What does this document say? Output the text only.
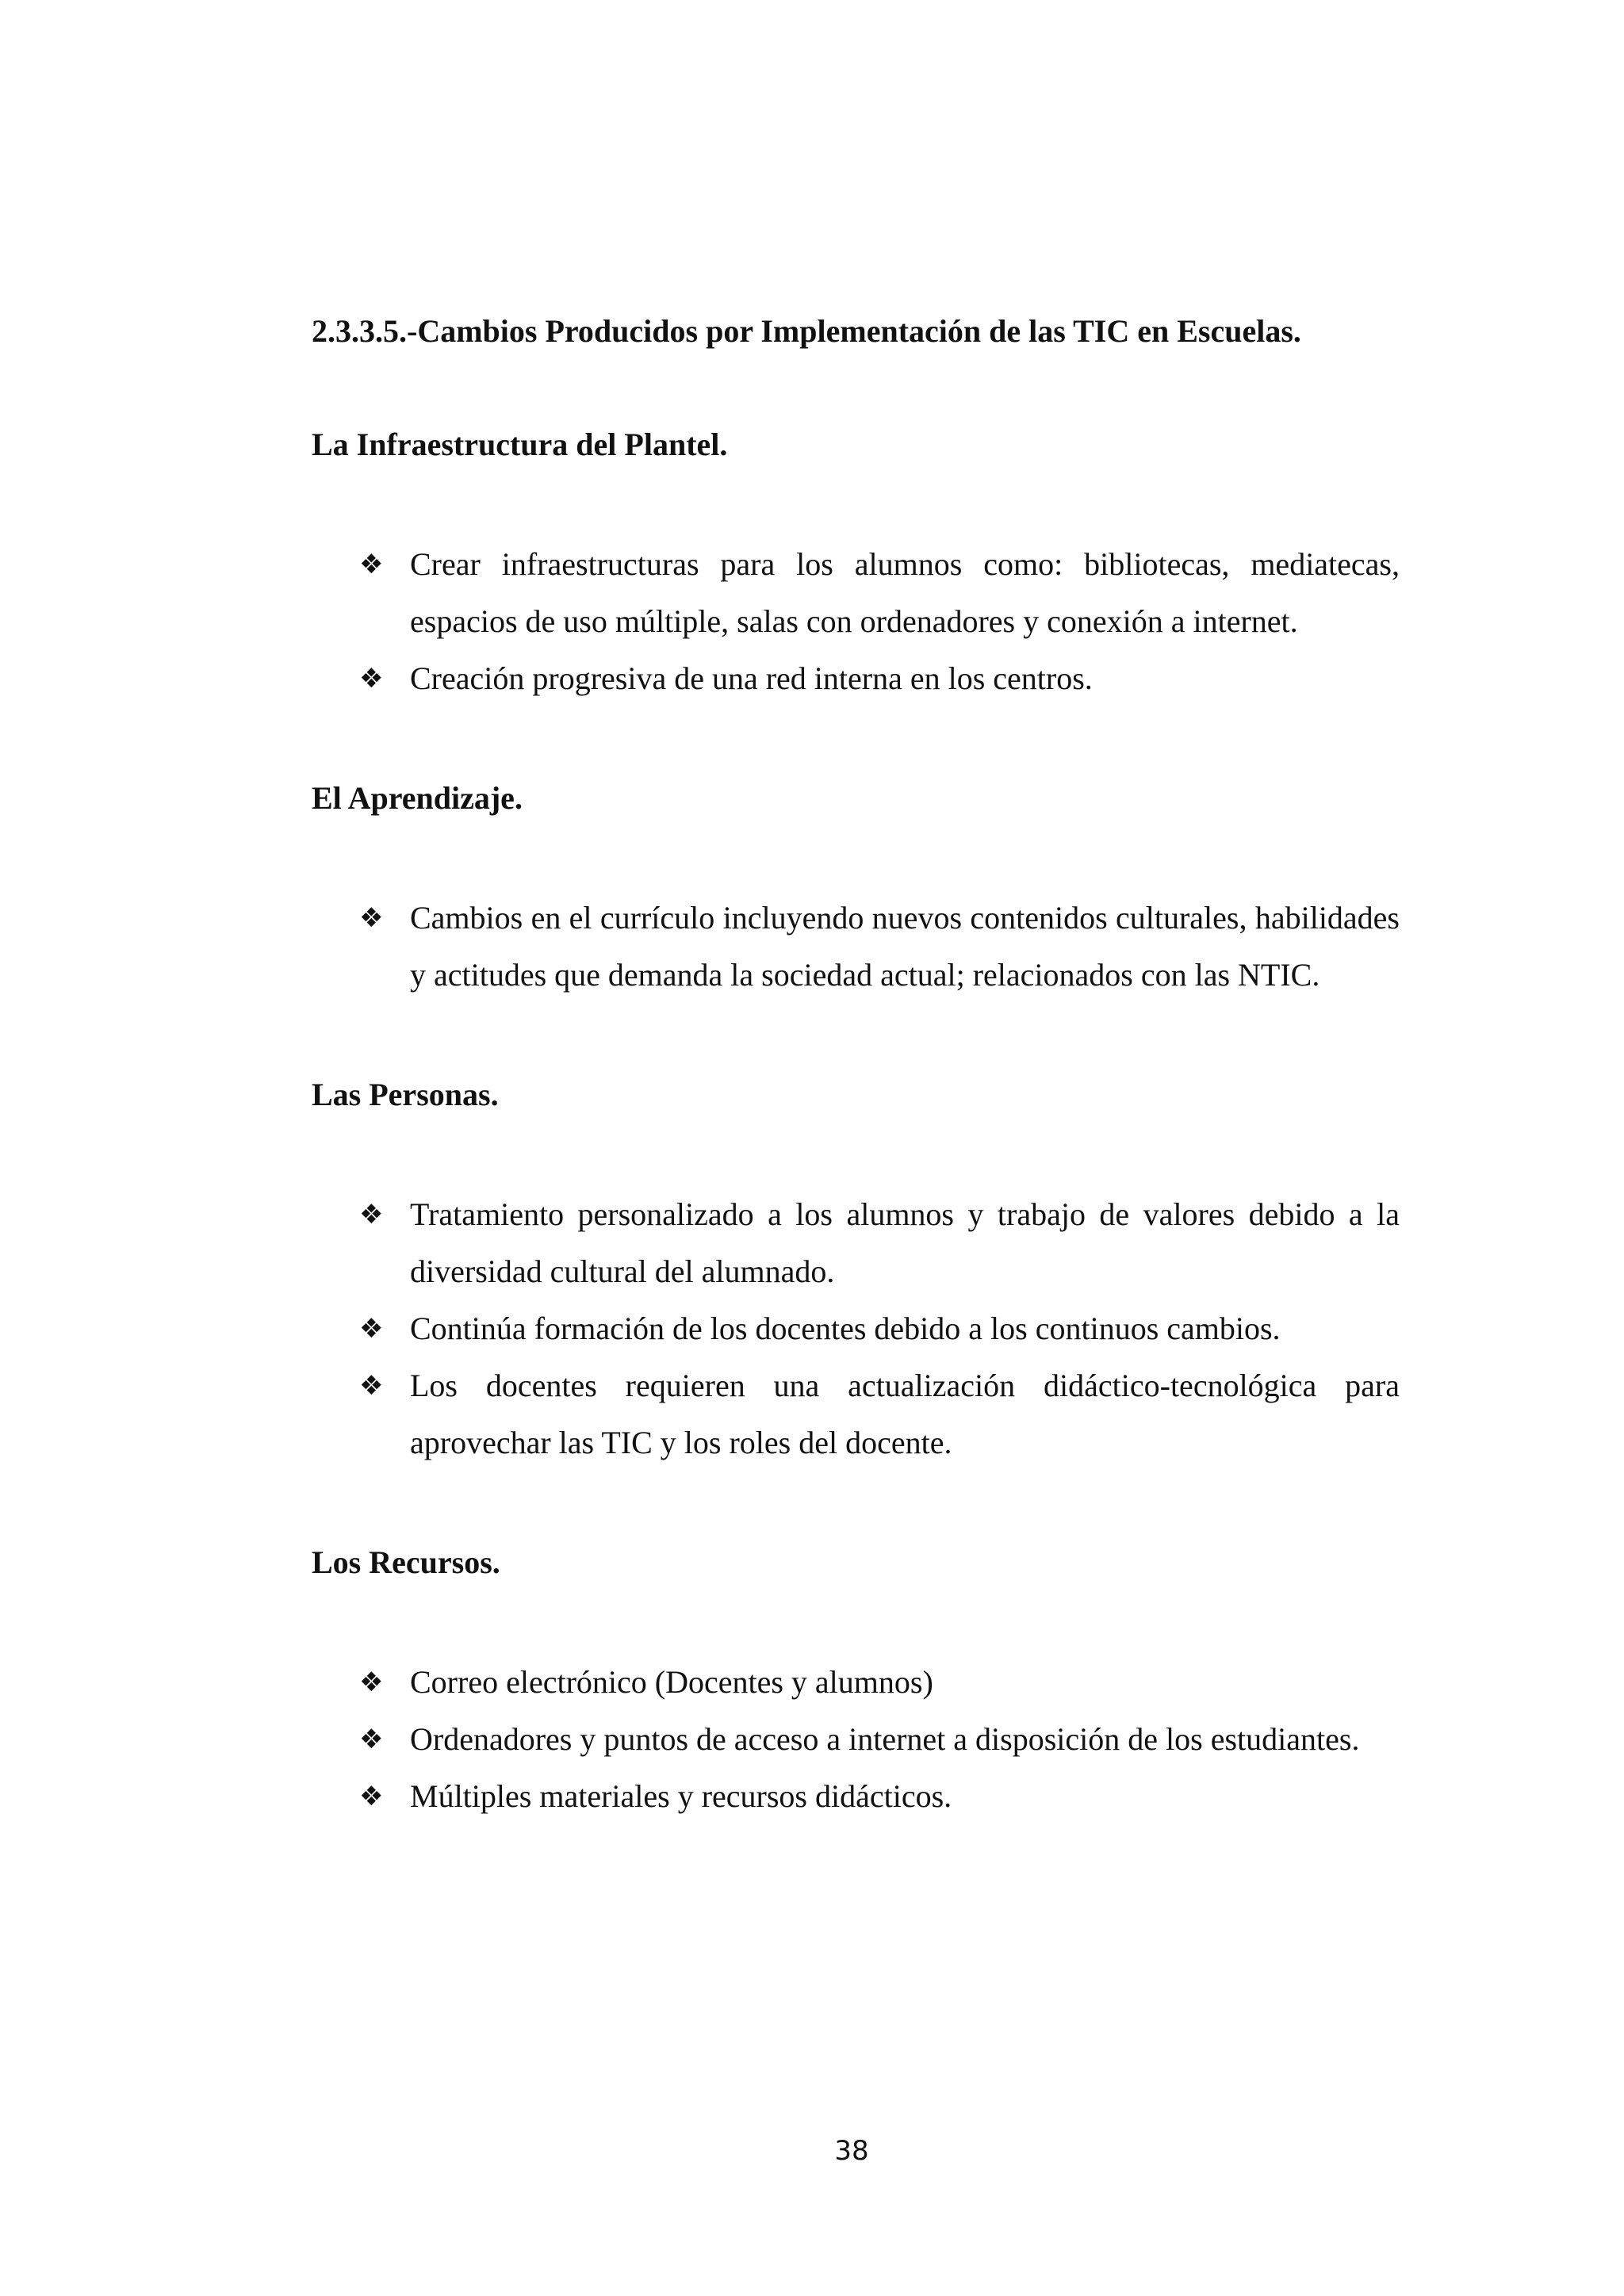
2.3.3.5.-Cambios Producidos por Implementación de las TIC en Escuelas.
La Infraestructura del Plantel.
❖ Crear infraestructuras para los alumnos como: bibliotecas, mediatecas, espacios de uso múltiple, salas con ordenadores y conexión a internet.
❖ Creación progresiva de una red interna en los centros.
El Aprendizaje.
❖ Cambios en el currículo incluyendo nuevos contenidos culturales, habilidades y actitudes que demanda la sociedad actual; relacionados con las NTIC.
Las Personas.
❖ Tratamiento personalizado a los alumnos y trabajo de valores debido a la diversidad cultural del alumnado.
❖ Continúa formación de los docentes debido a los continuos cambios.
❖ Los docentes requieren una actualización didáctico-tecnológica para aprovechar las TIC y los roles del docente.
Los Recursos.
❖ Correo electrónico (Docentes y alumnos)
❖ Ordenadores y puntos de acceso a internet a disposición de los estudiantes.
❖ Múltiples materiales y recursos didácticos.
38
